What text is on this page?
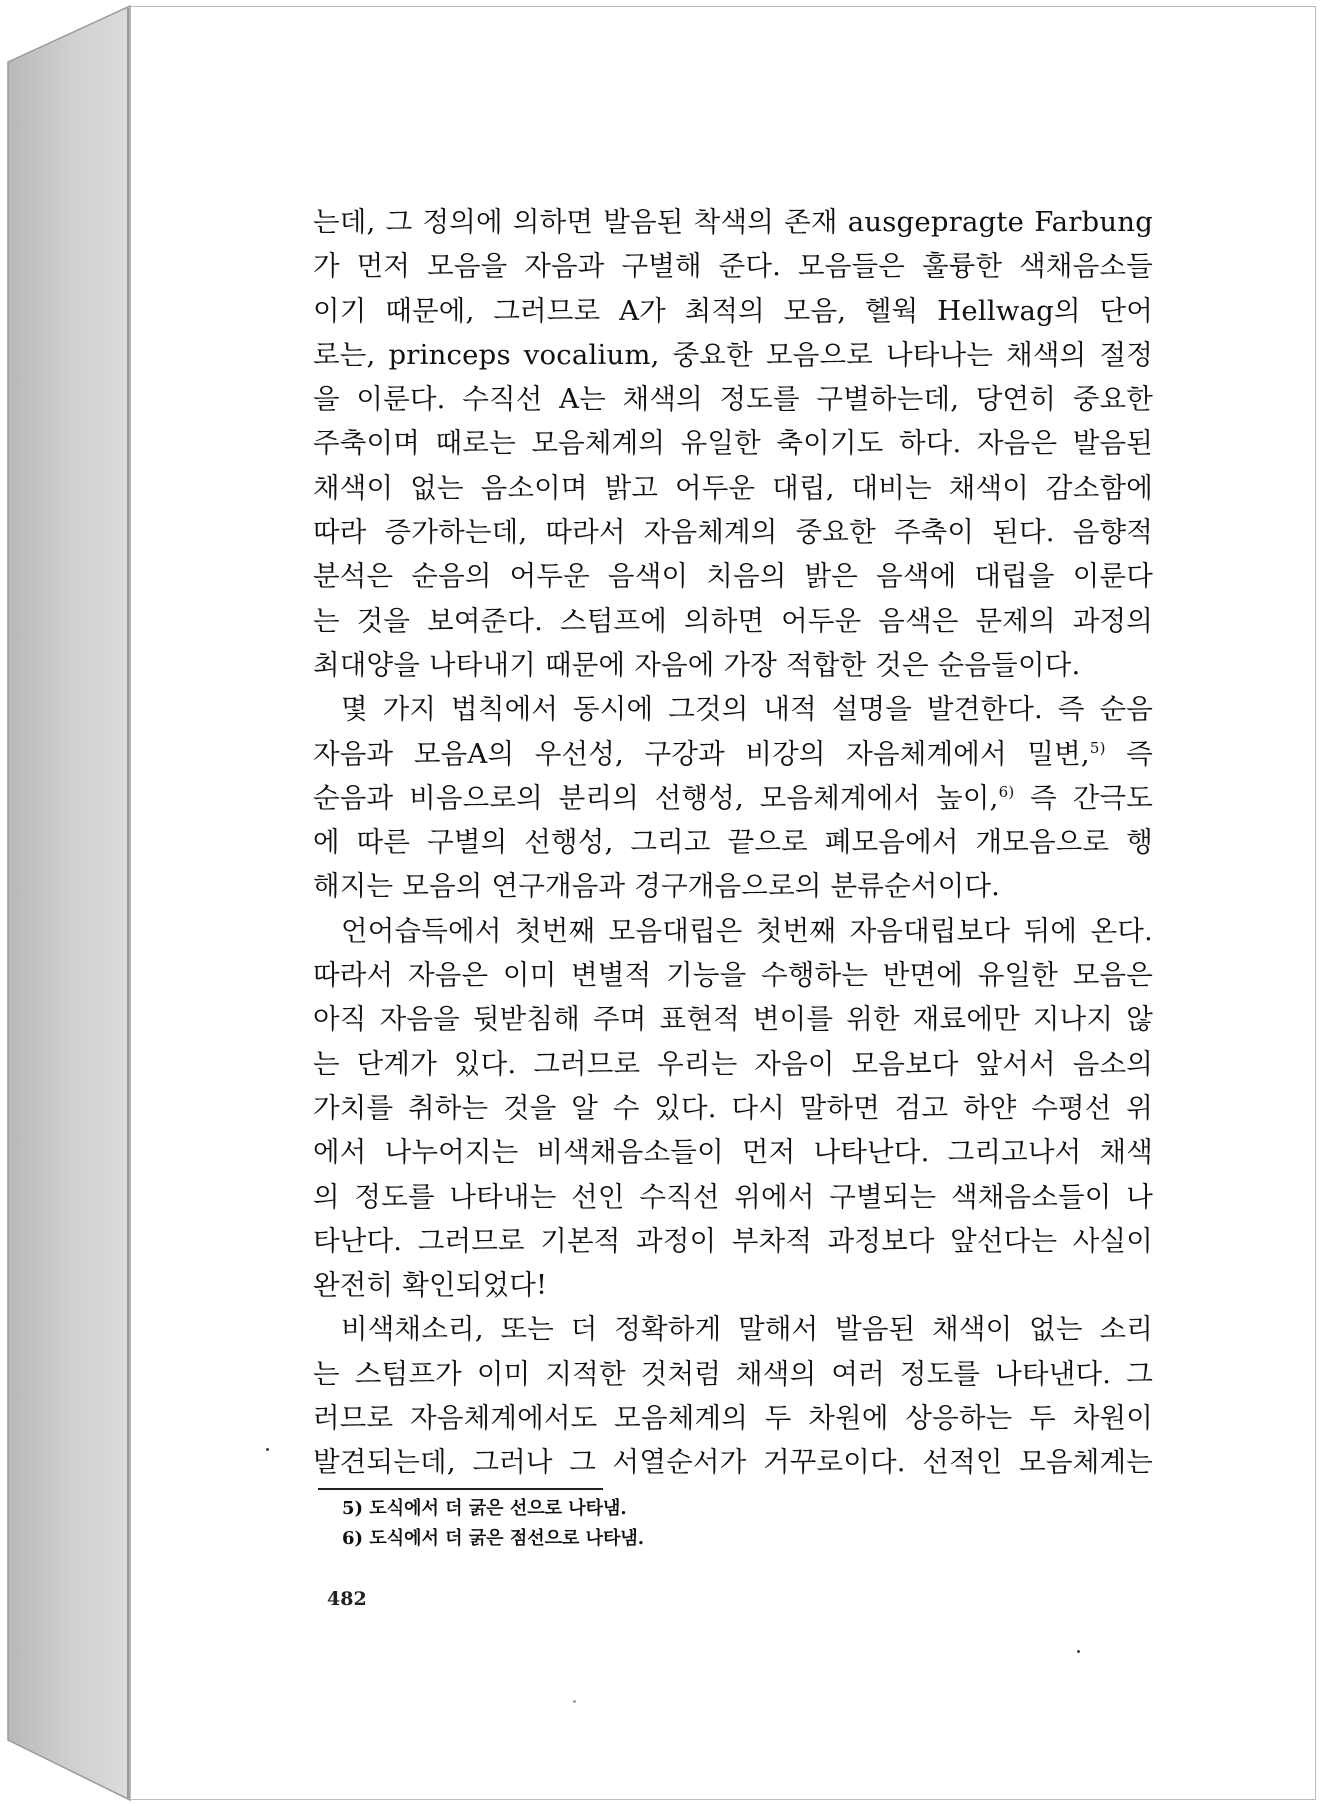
는데, 그 정의에 의하면 발음된 착색의 존재 ausgepragte Farbung
가 먼저 모음을 자음과 구별해 준다. 모음들은 훌륭한 색채음소들
이기 때문에, 그러므로 A가 최적의 모음, 헬웍 Hellwag의 단어
로는, princeps vocalium, 중요한 모음으로 나타나는 채색의 절정
을 이룬다. 수직선 A는 채색의 정도를 구별하는데, 당연히 중요한
주축이며 때로는 모음체계의 유일한 축이기도 하다. 자음은 발음된
채색이 없는 음소이며 밝고 어두운 대립, 대비는 채색이 감소함에
따라 증가하는데, 따라서 자음체계의 중요한 주축이 된다. 음향적
분석은 순음의 어두운 음색이 치음의 밝은 음색에 대립을 이룬다
는 것을 보여준다. 스텀프에 의하면 어두운 음색은 문제의 과정의
최대양을 나타내기 때문에 자음에 가장 적합한 것은 순음들이다.
몇 가지 법칙에서 동시에 그것의 내적 설명을 발견한다. 즉 순음
자음과 모음A의 우선성, 구강과 비강의 자음체계에서 밀변,$^{5)}$ 즉
순음과 비음으로의 분리의 선행성, 모음체계에서 높이,$^{6)}$ 즉 간극도
에 따른 구별의 선행성, 그리고 끝으로 폐모음에서 개모음으로 행
해지는 모음의 연구개음과 경구개음으로의 분류순서이다.
언어습득에서 첫번째 모음대립은 첫번째 자음대립보다 뒤에 온다.
따라서 자음은 이미 변별적 기능을 수행하는 반면에 유일한 모음은
아직 자음을 뒷받침해 주며 표현적 변이를 위한 재료에만 지나지 않
는 단계가 있다. 그러므로 우리는 자음이 모음보다 앞서서 음소의
가치를 취하는 것을 알 수 있다. 다시 말하면 검고 하얀 수평선 위
에서 나누어지는 비색채음소들이 먼저 나타난다. 그리고나서 채색
의 정도를 나타내는 선인 수직선 위에서 구별되는 색채음소들이 나
타난다. 그러므로 기본적 과정이 부차적 과정보다 앞선다는 사실이
완전히 확인되었다!
비색채소리, 또는 더 정확하게 말해서 발음된 채색이 없는 소리
는 스텀프가 이미 지적한 것처럼 채색의 여러 정도를 나타낸다. 그
러므로 자음체계에서도 모음체계의 두 차원에 상응하는 두 차원이
발견되는데, 그러나 그 서열순서가 거꾸로이다. 선적인 모음체계는
5) 도식에서 더 굵은 선으로 나타냄.
6) 도식에서 더 굵은 점선으로 나타냄.
482
